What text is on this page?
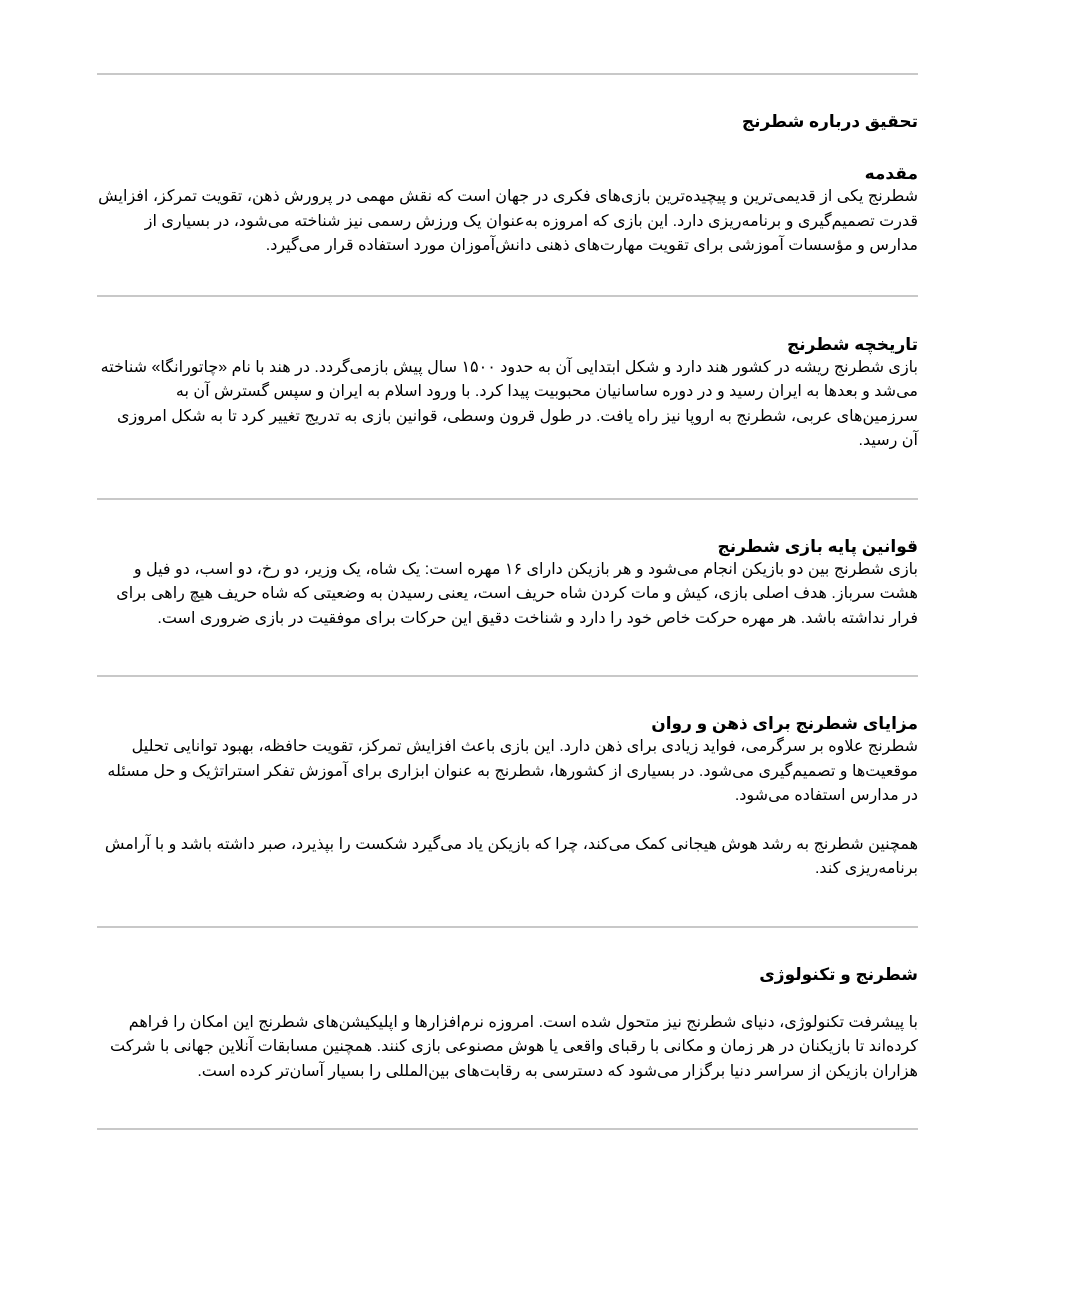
تحقیق درباره شطرنج
مقدمه

شطرنج یکی از قدیمی‌ترین و پیچیده‌ترین بازی‌های فکری در جهان است که نقش مهمی در پرورش ذهن، تقویت تمرکز، افزایش قدرت تصمیم‌گیری و برنامه‌ریزی دارد. این بازی که امروزه به‌عنوان یک ورزش رسمی نیز شناخته می‌شود، در بسیاری از مدارس و مؤسسات آموزشی برای تقویت مهارت‌های ذهنی دانش‌آموزان مورد استفاده قرار می‌گیرد.

تاریخچه شطرنج

بازی شطرنج ریشه در کشور هند دارد و شکل ابتدایی آن به حدود ۱۵۰۰ سال پیش بازمی‌گردد. در هند با نام «چاتورانگا» شناخته می‌شد و بعدها به ایران رسید و در دوره ساسانیان محبوبیت پیدا کرد. با ورود اسلام به ایران و سپس گسترش آن به سرزمین‌های عربی، شطرنج به اروپا نیز راه یافت. در طول قرون وسطی، قوانین بازی به تدریج تغییر کرد تا به شکل امروزی آن رسید.

قوانین پایه بازی شطرنج

بازی شطرنج بین دو بازیکن انجام می‌شود و هر بازیکن دارای ۱۶ مهره است: یک شاه، یک وزیر، دو رخ، دو اسب، دو فیل و هشت سرباز. هدف اصلی بازی، کیش و مات کردن شاه حریف است، یعنی رسیدن به وضعیتی که شاه حریف هیچ راهی برای فرار نداشته باشد. هر مهره حرکت خاص خود را دارد و شناخت دقیق این حرکات برای موفقیت در بازی ضروری است.

مزایای شطرنج برای ذهن و روان

شطرنج علاوه بر سرگرمی، فواید زیادی برای ذهن دارد. این بازی باعث افزایش تمرکز، تقویت حافظه، بهبود توانایی تحلیل موقعیت‌ها و تصمیم‌گیری می‌شود. در بسیاری از کشورها، شطرنج به عنوان ابزاری برای آموزش تفکر استراتژیک و حل مسئله در مدارس استفاده می‌شود.

همچنین شطرنج به رشد هوش هیجانی کمک می‌کند، چرا که بازیکن یاد می‌گیرد شکست را بپذیرد، صبر داشته باشد و با آرامش برنامه‌ریزی کند.

شطرنج و تکنولوژی

با پیشرفت تکنولوژی، دنیای شطرنج نیز متحول شده است. امروزه نرم‌افزارها و اپلیکیشن‌های شطرنج این امکان را فراهم کرده‌اند تا بازیکنان در هر زمان و مکانی با رقبای واقعی یا هوش مصنوعی بازی کنند. همچنین مسابقات آنلاین جهانی با شرکت هزاران بازیکن از سراسر دنیا برگزار می‌شود که دسترسی به رقابت‌های بین‌المللی را بسیار آسان‌تر کرده است.
